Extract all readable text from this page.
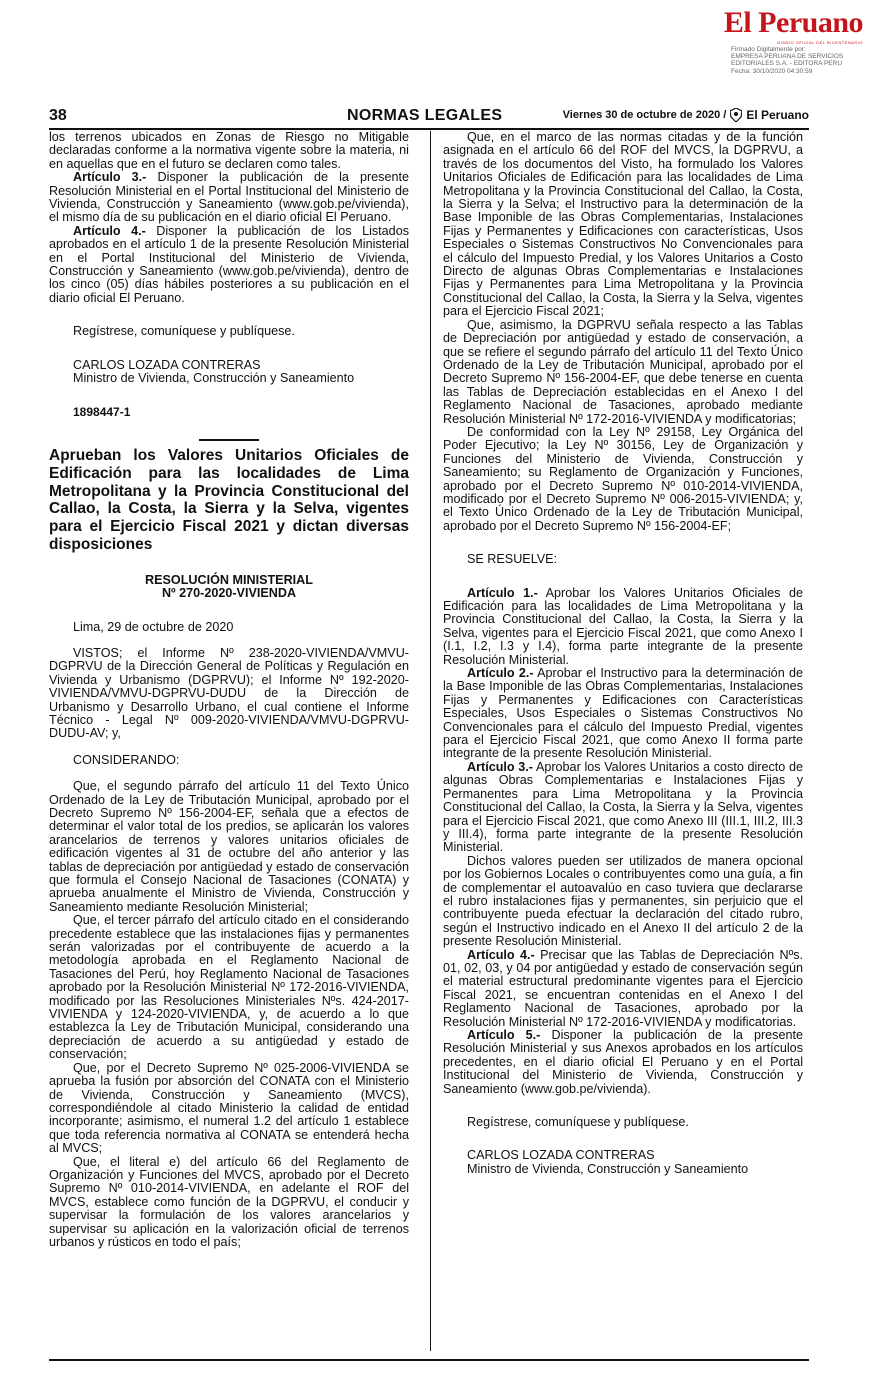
El Peruano
DIARIO OFICIAL DEL BICENTENARIO
Firmado Digitalmente por:
EMPRESA PERUANA DE SERVICIOS
EDITORIALES S.A. - EDITORA PERU
Fecha: 30/10/2020 04:30:59
38	NORMAS LEGALES	Viernes 30 de octubre de 2020 / El Peruano

los terrenos ubicados en Zonas de Riesgo no Mitigable declaradas conforme a la normativa vigente sobre la materia, ni en aquellas que en el futuro se declaren como tales.

Artículo 3.- Disponer la publicación de la presente Resolución Ministerial en el Portal Institucional del Ministerio de Vivienda, Construcción y Saneamiento (www.gob.pe/vivienda), el mismo día de su publicación en el diario oficial El Peruano.

Artículo 4.- Disponer la publicación de los Listados aprobados en el artículo 1 de la presente Resolución Ministerial en el Portal Institucional del Ministerio de Vivienda, Construcción y Saneamiento (www.gob.pe/vivienda), dentro de los cinco (05) días hábiles posteriores a su publicación en el diario oficial El Peruano.

Regístrese, comuníquese y publíquese.

CARLOS LOZADA CONTRERAS

Ministro de Vivienda, Construcción y Saneamiento

1898447-1

Aprueban los Valores Unitarios Oficiales de Edificación para las localidades de Lima Metropolitana y la Provincia Constitucional del Callao, la Costa, la Sierra y la Selva, vigentes para el Ejercicio Fiscal 2021 y dictan diversas disposiciones
RESOLUCIÓN MINISTERIAL
Nº 270-2020-VIVIENDA

Lima, 29 de octubre de 2020

VISTOS; el Informe Nº 238-2020-VIVIENDA/VMVU-DGPRVU de la Dirección General de Políticas y Regulación en Vivienda y Urbanismo (DGPRVU); el Informe Nº 192-2020-VIVIENDA/VMVU-DGPRVU-DUDU de la Dirección de Urbanismo y Desarrollo Urbano, el cual contiene el Informe Técnico - Legal Nº 009-2020-VIVIENDA/VMVU-DGPRVU-DUDU-AV; y,

CONSIDERANDO:

Que, el segundo párrafo del artículo 11 del Texto Único Ordenado de la Ley de Tributación Municipal, aprobado por el Decreto Supremo Nº 156-2004-EF, señala que a efectos de determinar el valor total de los predios, se aplicarán los valores arancelarios de terrenos y valores unitarios oficiales de edificación vigentes al 31 de octubre del año anterior y las tablas de depreciación por antigüedad y estado de conservación que formula el Consejo Nacional de Tasaciones (CONATA) y aprueba anualmente el Ministro de Vivienda, Construcción y Saneamiento mediante Resolución Ministerial;

Que, el tercer párrafo del artículo citado en el considerando precedente establece que las instalaciones fijas y permanentes serán valorizadas por el contribuyente de acuerdo a la metodología aprobada en el Reglamento Nacional de Tasaciones del Perú, hoy Reglamento Nacional de Tasaciones aprobado por la Resolución Ministerial Nº 172-2016-VIVIENDA, modificado por las Resoluciones Ministeriales Nºs. 424-2017-VIVIENDA y 124-2020-VIVIENDA, y, de acuerdo a lo que establezca la Ley de Tributación Municipal, considerando una depreciación de acuerdo a su antigüedad y estado de conservación;

Que, por el Decreto Supremo Nº 025-2006-VIVIENDA se aprueba la fusión por absorción del CONATA con el Ministerio de Vivienda, Construcción y Saneamiento (MVCS), correspondiéndole al citado Ministerio la calidad de entidad incorporante; asimismo, el numeral 1.2 del artículo 1 establece que toda referencia normativa al CONATA se entenderá hecha al MVCS;

Que, el literal e) del artículo 66 del Reglamento de Organización y Funciones del MVCS, aprobado por el Decreto Supremo Nº 010-2014-VIVIENDA, en adelante el ROF del MVCS, establece como función de la DGPRVU, el conducir y supervisar la formulación de los valores arancelarios y supervisar su aplicación en la valorización oficial de terrenos urbanos y rústicos en todo el país;

Que, en el marco de las normas citadas y de la función asignada en el artículo 66 del ROF del MVCS, la DGPRVU, a través de los documentos del Visto, ha formulado los Valores Unitarios Oficiales de Edificación para las localidades de Lima Metropolitana y la Provincia Constitucional del Callao, la Costa, la Sierra y la Selva; el Instructivo para la determinación de la Base Imponible de las Obras Complementarias, Instalaciones Fijas y Permanentes y Edificaciones con características, Usos Especiales o Sistemas Constructivos No Convencionales para el cálculo del Impuesto Predial, y los Valores Unitarios a Costo Directo de algunas Obras Complementarias e Instalaciones Fijas y Permanentes para Lima Metropolitana y la Provincia Constitucional del Callao, la Costa, la Sierra y la Selva, vigentes para el Ejercicio Fiscal 2021;

Que, asimismo, la DGPRVU señala respecto a las Tablas de Depreciación por antigüedad y estado de conservación, a que se refiere el segundo párrafo del artículo 11 del Texto Único Ordenado de la Ley de Tributación Municipal, aprobado por el Decreto Supremo Nº 156-2004-EF, que debe tenerse en cuenta las Tablas de Depreciación establecidas en el Anexo I del Reglamento Nacional de Tasaciones, aprobado mediante Resolución Ministerial Nº 172-2016-VIVIENDA y modificatorias;

De conformidad con la Ley Nº 29158, Ley Orgánica del Poder Ejecutivo; la Ley Nº 30156, Ley de Organización y Funciones del Ministerio de Vivienda, Construcción y Saneamiento; su Reglamento de Organización y Funciones, aprobado por el Decreto Supremo Nº 010-2014-VIVIENDA, modificado por el Decreto Supremo Nº 006-2015-VIVIENDA; y, el Texto Único Ordenado de la Ley de Tributación Municipal, aprobado por el Decreto Supremo Nº 156-2004-EF;

SE RESUELVE:

Artículo 1.- Aprobar los Valores Unitarios Oficiales de Edificación para las localidades de Lima Metropolitana y la Provincia Constitucional del Callao, la Costa, la Sierra y la Selva, vigentes para el Ejercicio Fiscal 2021, que como Anexo I (I.1, I.2, I.3 y I.4), forma parte integrante de la presente Resolución Ministerial.

Artículo 2.- Aprobar el Instructivo para la determinación de la Base Imponible de las Obras Complementarias, Instalaciones Fijas y Permanentes y Edificaciones con Características Especiales, Usos Especiales o Sistemas Constructivos No Convencionales para el cálculo del Impuesto Predial, vigentes para el Ejercicio Fiscal 2021, que como Anexo II forma parte integrante de la presente Resolución Ministerial.

Artículo 3.- Aprobar los Valores Unitarios a costo directo de algunas Obras Complementarias e Instalaciones Fijas y Permanentes para Lima Metropolitana y la Provincia Constitucional del Callao, la Costa, la Sierra y la Selva, vigentes para el Ejercicio Fiscal 2021, que como Anexo III (III.1, III.2, III.3 y III.4), forma parte integrante de la presente Resolución Ministerial.

Dichos valores pueden ser utilizados de manera opcional por los Gobiernos Locales o contribuyentes como una guía, a fin de complementar el autoavalúo en caso tuviera que declararse el rubro instalaciones fijas y permanentes, sin perjuicio que el contribuyente pueda efectuar la declaración del citado rubro, según el Instructivo indicado en el Anexo II del artículo 2 de la presente Resolución Ministerial.

Artículo 4.- Precisar que las Tablas de Depreciación Nºs. 01, 02, 03, y 04 por antigüedad y estado de conservación según el material estructural predominante vigentes para el Ejercicio Fiscal 2021, se encuentran contenidas en el Anexo I del Reglamento Nacional de Tasaciones, aprobado por la Resolución Ministerial Nº 172-2016-VIVIENDA y modificatorias.

Artículo 5.- Disponer la publicación de la presente Resolución Ministerial y sus Anexos aprobados en los artículos precedentes, en el diario oficial El Peruano y en el Portal Institucional del Ministerio de Vivienda, Construcción y Saneamiento (www.gob.pe/vivienda).

Regístrese, comuníquese y publíquese.

CARLOS LOZADA CONTRERAS

Ministro de Vivienda, Construcción y Saneamiento
